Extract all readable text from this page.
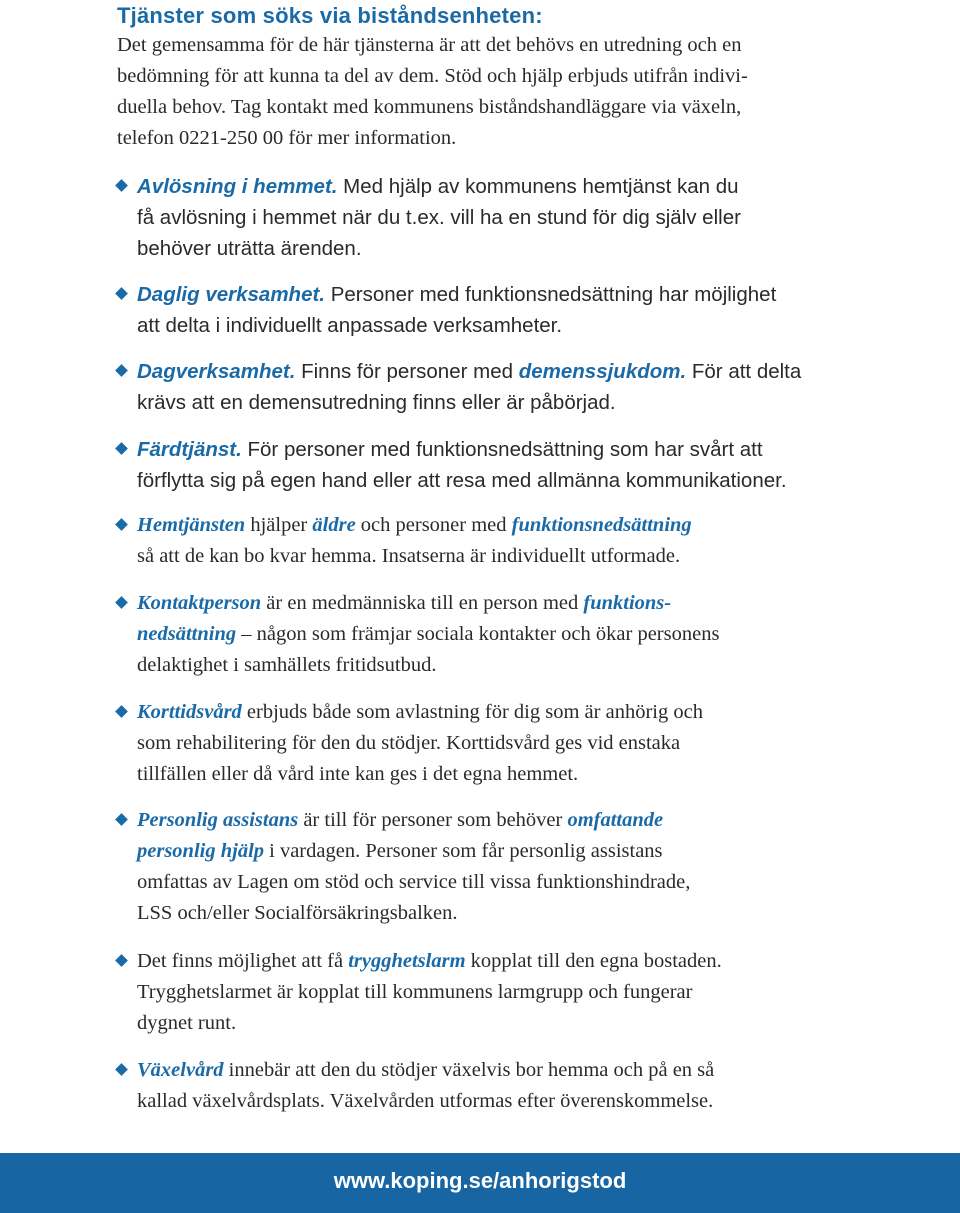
Tjänster som söks via biståndsenheten:
Det gemensamma för de här tjänsterna är att det behövs en utredning och en
bedömning för att kunna ta del av dem. Stöd och hjälp erbjuds utifrån indivi-
duella behov. Tag kontakt med kommunens biståndshandläggare via växeln,
telefon 0221-250 00 för mer information.
Avlösning i hemmet. Med hjälp av kommunens hemtjänst kan du
få avlösning i hemmet när du t.ex. vill ha en stund för dig själv eller
behöver uträtta ärenden.
Daglig verksamhet. Personer med funktionsnedsättning har möjlighet
att delta i individuellt anpassade verksamheter.
Dagverksamhet. Finns för personer med demenssjukdom. För att delta
krävs att en demensutredning finns eller är påbörjad.
Färdtjänst. För personer med funktionsnedsättning som har svårt att
förflytta sig på egen hand eller att resa med allmänna kommunikationer.
Hemtjänsten hjälper äldre och personer med funktionsnedsättning
så att de kan bo kvar hemma. Insatserna är individuellt utformade.
Kontaktperson är en medmänniska till en person med funktions-
nedsättning – någon som främjar sociala kontakter och ökar personens
delaktighet i samhällets fritidsutbud.
Korttidsvård erbjuds både som avlastning för dig som är anhörig och
som rehabilitering för den du stödjer. Korttidsvård ges vid enstaka
tillfällen eller då vård inte kan ges i det egna hemmet.
Personlig assistans är till för personer som behöver omfattande
personlig hjälp i vardagen. Personer som får personlig assistans
omfattas av Lagen om stöd och service till vissa funktionshindrade,
LSS och/eller Socialförsäkringsbalken.
Det finns möjlighet att få trygghetslarm kopplat till den egna bostaden.
Trygghetslarmet är kopplat till kommunens larmgrupp och fungerar
dygnet runt.
Växelvård innebär att den du stödjer växelvis bor hemma och på en så
kallad växelvårdsplats. Växelvården utformas efter överenskommelse.
www.koping.se/anhorigstod
